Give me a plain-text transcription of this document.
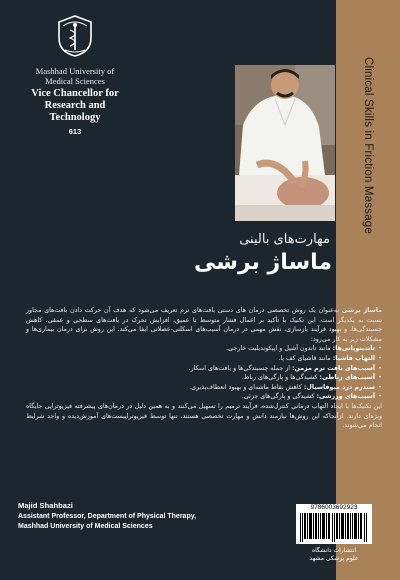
Clinical Skills in Friction Massage
Mashhad University of
Medical Sciences
Vice Chancellor for
Research and Technology
613
مهارت‌های بالینی
ماساژ برشی

ماساژ برشی به‌عنوان یک روش تخصصی درمان‌ های دستی بافت‌های نرم تعریف می‌شود که هدف آن حرکت دادن بافت‌های مجاور نسبت به یکدیگر است. این تکنیک با تأکید بر اعمال فشار متوسط تا عمیق، افزایش تحرک در بافت‌های سطحی و عمقی، کاهش چسبندگی‌ها، و بهبود فرآیند بازسازی، نقش مهمی در درمان آسیب‌های اسکلتی-عضلانی ایفا می‌کند. این روش برای درمان بیماری‌ها و مشکلات زیر به کار می‌رود:

• تاندینوپاتی‌ها: مانند تاندون آشیل و اپیکوندیلیت خارجی.
• التهاب فاشیا: مانند فاشیای کف پا.
• آسیب‌های بافت نرم مزمن: از جمله چسبندگی‌ها و بافت‌های اسکار.
• آسیب‌های رباطی: کشیدگی‌ها و پارگی‌های رباط.
• سندرم درد میوفاسیال: کاهش نقاط ماشه‌ای و بهبود انعطاف‌پذیری.
• آسیب‌های ورزشی: کشیدگی و پارگی‌های جزئی.

این تکنیک‌ها با ایجاد التهاب درمانی کنترل‌شده، فرآیند ترمیم را تسهیل می‌کنند و به همین دلیل در درمان‌های پیشرفته فیزیوتراپی جایگاه ویژه‌ای دارند. ازآنجاکه این روش‌ها نیازمند دانش و مهارت تخصصی هستند، تنها توسط فیزیوتراپیست‌های آموزش‌دیده و واجد شرایط انجام می‌شوند.

Majid Shahbazi
Assistant Professor, Department of Physical Therapy,
Mashhad University of Medical Sciences
9786003692923
انتشارات دانشگاه
علوم پزشکی مشهد
